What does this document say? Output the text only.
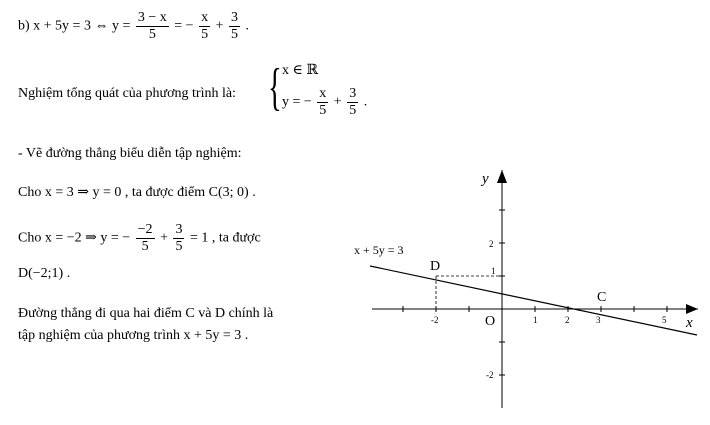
b) x + 5y = 3 ⇔ $y = \frac{3 - x}{5}$ = − $\frac{x}{5} + \frac{3}{5}$ .
Nghiệm tổng quát của phương trình là: { x ∈ ℝ
y = − $\frac{x}{5} + \frac{3}{5}$ .
- Vẽ đường thẳng biểu diễn tập nghiệm:
Cho x = 3 ⇒ y = 0 , ta được điểm C(3; 0) .
Cho x = −2 ⇒ y = − $\frac{-2}{5} + \frac{3}{5} = 1$ , ta được
D(−2;1) .
Đường thẳng đi qua hai điểm C và D chính là
tập nghiệm của phương trình x + 5y = 3 .
-2	1	2	3	5
2
1
-2
x
y
O
x + 5y = 3
D
C
